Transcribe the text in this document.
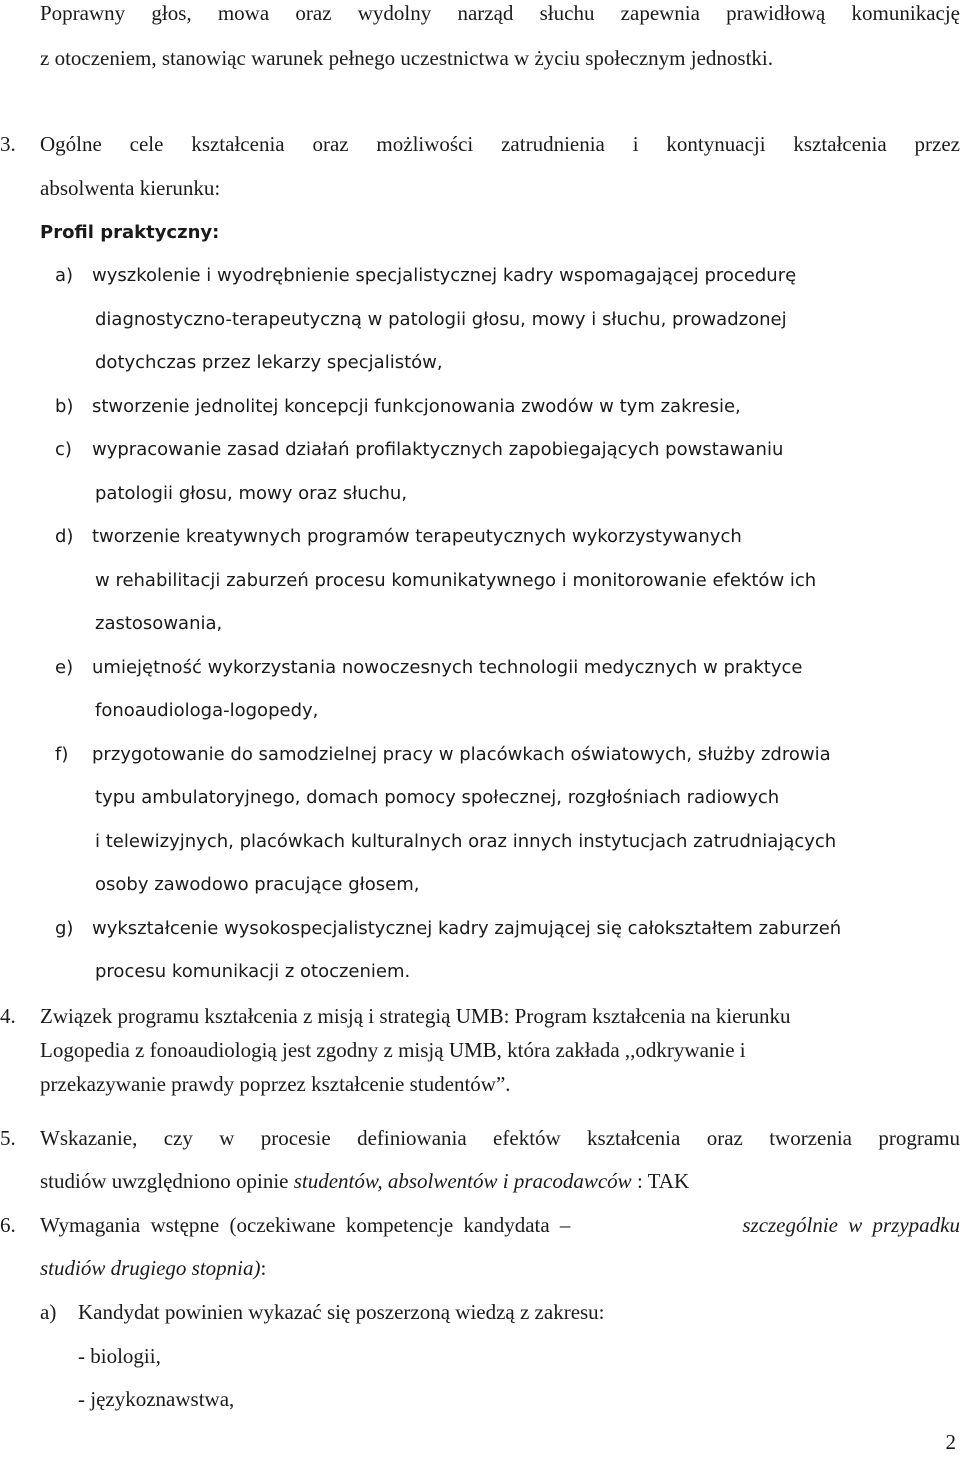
Poprawny głos, mowa oraz wydolny narząd słuchu zapewnia prawidłową komunikację
z otoczeniem, stanowiąc warunek pełnego uczestnictwa w życiu społecznym jednostki.
3. Ogólne cele kształcenia oraz możliwości zatrudnienia i kontynuacji kształcenia przez
absolwenta kierunku:
Profil praktyczny:
a) wyszkolenie i wyodrębnienie specjalistycznej kadry wspomagającej procedurę
diagnostyczno-terapeutyczną w patologii głosu, mowy i słuchu, prowadzonej
dotychczas przez lekarzy specjalistów,
b) stworzenie jednolitej koncepcji funkcjonowania zwodów w tym zakresie,
c) wypracowanie zasad działań profilaktycznych zapobiegających powstawaniu
patologii głosu, mowy oraz słuchu,
d) tworzenie kreatywnych programów terapeutycznych wykorzystywanych
w rehabilitacji zaburzeń procesu komunikatywnego i monitorowanie efektów ich
zastosowania,
e) umiejętność wykorzystania nowoczesnych technologii medycznych w praktyce
fonoaudiologa-logopedy,
f) przygotowanie do samodzielnej pracy w placówkach oświatowych, służby zdrowia
typu ambulatoryjnego, domach pomocy społecznej, rozgłośniach radiowych
i telewizyjnych, placówkach kulturalnych oraz innych instytucjach zatrudniających
osoby zawodowo pracujące głosem,
g) wykształcenie wysokospecjalistycznej kadry zajmującej się całokształtem zaburzeń
procesu komunikacji z otoczeniem.
4. Związek programu kształcenia z misją i strategią UMB: Program kształcenia na kierunku
Logopedia z fonoaudiologią jest zgodny z misją UMB, która zakłada ,,odkrywanie i
przekazywanie prawdy poprzez kształcenie studentów”.
5. Wskazanie, czy w procesie definiowania efektów kształcenia oraz tworzenia programu
studiów uwzględniono opinie studentów, absolwentów i pracodawców : TAK
6. Wymagania wstępne (oczekiwane kompetencje kandydata –	szczególnie w przypadku
studiów drugiego stopnia):
a) Kandydat powinien wykazać się poszerzoną wiedzą z zakresu:
- biologii,
- językoznawstwa,
2
